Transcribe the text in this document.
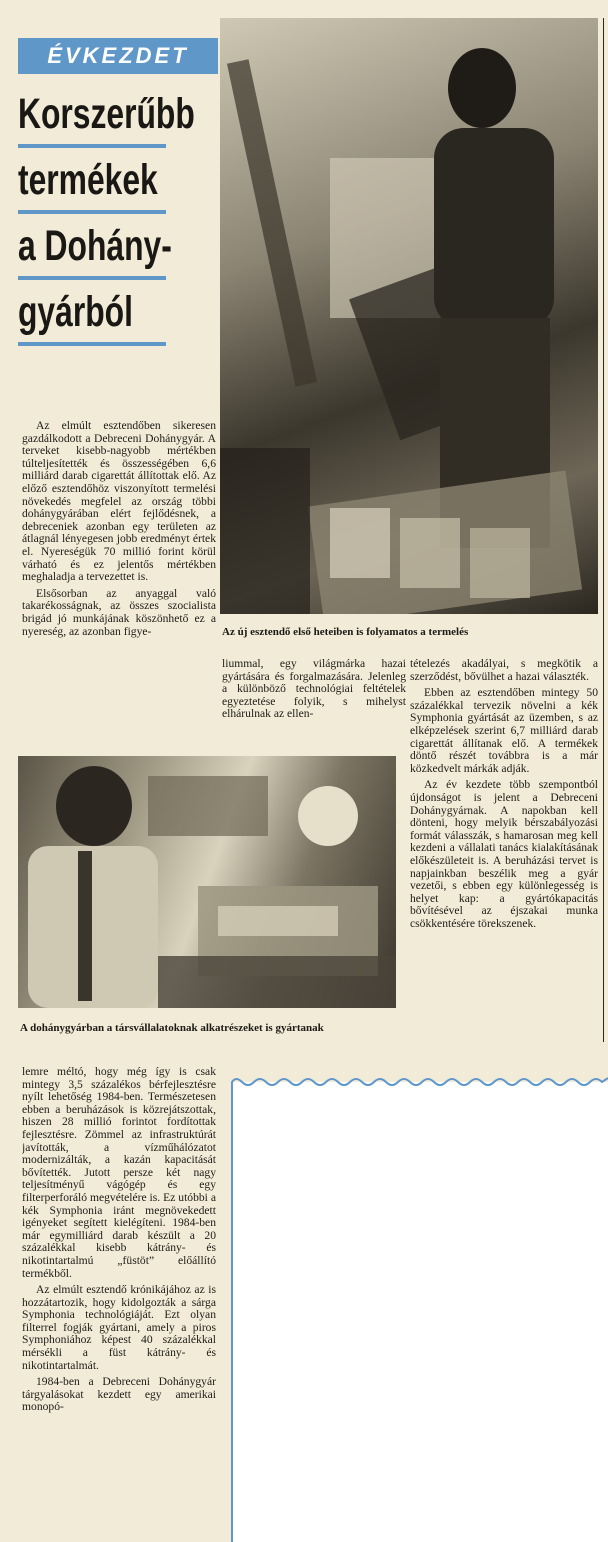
ÉVKEZDET
Korszerűbb
termékek
a Dohány-
gyárból
Az új esztendő első heteiben is folyamatos a termelés

Az elmúlt esztendőben sikeresen gazdálkodott a Debreceni Dohánygyár. A terveket kisebb-nagyobb mértékben túlteljesítették és összességében 6,6 milliárd darab cigarettát állítottak elő. Az előző esztendőhöz viszonyított termelési növekedés megfelel az ország többi dohánygyárában elért fejlődésnek, a debreceniek azonban egy területen az átlagnál lényegesen jobb eredményt értek el. Nyereségük 70 millió forint körül várható és ez jelentős mértékben meghaladja a tervezettet is.

Elsősorban az anyaggal való takarékosságnak, az összes szocialista brigád jó munkájának köszönhető ez a nyereség, az azonban figye-

liummal, egy világmárka hazai gyártására és forgalmazására. Jelenleg a különböző technológiai feltételek egyeztetése folyik, s mihelyst elhárulnak az ellen-

tételezés akadályai, s megkötik a szerződést, bővülhet a hazai választék.

Ebben az esztendőben mintegy 50 százalékkal tervezik növelni a kék Symphonia gyártását az üzemben, s az elképzelések szerint 6,7 milliárd darab cigarettát állítanak elő. A termékek döntő részét továbbra is a már közkedvelt márkák adják.

Az év kezdete több szempontból újdonságot is jelent a Debreceni Dohánygyárnak. A napokban kell dönteni, hogy melyik bérszabályozási formát válasszák, s hamarosan meg kell kezdeni a vállalati tanács kialakításának előkészületeit is. A beruházási tervet is napjainkban beszélik meg a gyár vezetői, s ebben egy különlegesség is helyet kap: a gyártókapacitás bővítésével az éjszakai munka csökkentésére törekszenek.

A dohánygyárban a társvállalatoknak alkatrészeket is gyártanak

lemre méltó, hogy még így is csak mintegy 3,5 százalékos bérfejlesztésre nyílt lehetőség 1984-ben. Természetesen ebben a beruházások is közrejátszottak, hiszen 28 millió forintot fordítottak fejlesztésre. Zömmel az infrastruktúrát javították, a vízműhálózatot modernizálták, a kazán kapacitását bővítették. Jutott persze két nagy teljesítményű vágógép és egy filterperforáló megvételére is. Ez utóbbi a kék Symphonia iránt megnövekedett igényeket segített kielégíteni. 1984-ben már egymilliárd darab készült a 20 százalékkal kisebb kátrány- és nikotintartalmú „füstöt” előállító termékből.

Az elmúlt esztendő krónikájához az is hozzátartozik, hogy kidolgozták a sárga Symphonia technológiáját. Ezt olyan filterrel fogják gyártani, amely a piros Symphoniához képest 40 százalékkal mérsékli a füst kátrány- és nikotintartalmát.

1984-ben a Debreceni Dohánygyár tárgyalásokat kezdett egy amerikai monopó-
